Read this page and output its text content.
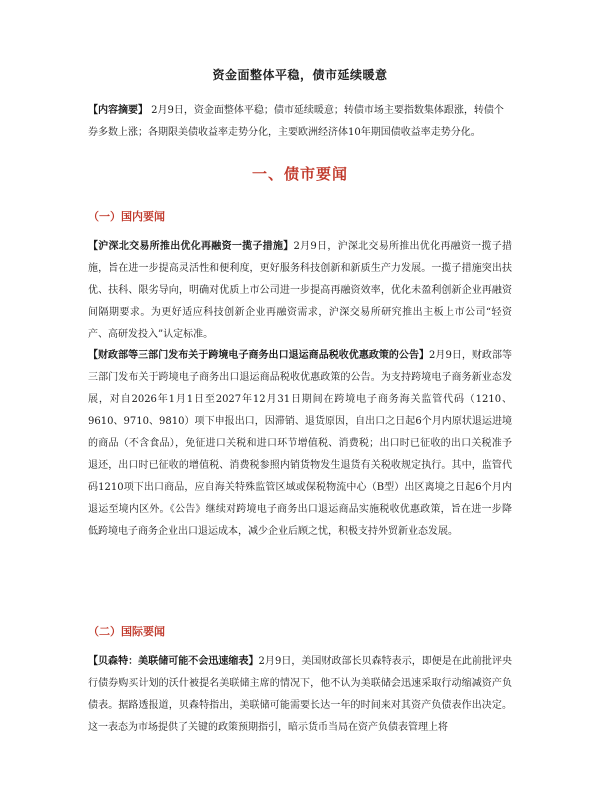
资金面整体平稳，债市延续暖意
【内容摘要】 2月9日，资金面整体平稳；债市延续暖意；转债市场主要指数集体跟涨，转债个券多数上涨；各期限美债收益率走势分化，主要欧洲经济体10年期国债收益率走势分化。
一、债市要闻
（一）国内要闻
【沪深北交易所推出优化再融资一揽子措施】2月9日，沪深北交易所推出优化再融资一揽子措施，旨在进一步提高灵活性和便利度，更好服务科技创新和新质生产力发展。一揽子措施突出扶优、扶科、限劣导向，明确对优质上市公司进一步提高再融资效率，优化未盈利创新企业再融资间隔期要求。为更好适应科技创新企业再融资需求，沪深交易所研究推出主板上市公司“轻资产、高研发投入”认定标准。
【财政部等三部门发布关于跨境电子商务出口退运商品税收优惠政策的公告】2月9日，财政部等三部门发布关于跨境电子商务出口退运商品税收优惠政策的公告。为支持跨境电子商务新业态发展，对自2026年1月1日至2027年12月31日期间在跨境电子商务海关监管代码（1210、9610、9710、9810）项下申报出口，因滞销、退货原因，自出口之日起6个月内原状退运进境的商品（不含食品），免征进口关税和进口环节增值税、消费税；出口时已征收的出口关税准予退还，出口时已征收的增值税、消费税参照内销货物发生退货有关税收规定执行。其中，监管代码1210项下出口商品，应自海关特殊监管区域或保税物流中心（B型）出区离境之日起6个月内退运至境内区外。《公告》继续对跨境电子商务出口退运商品实施税收优惠政策，旨在进一步降低跨境电子商务企业出口退运成本，减少企业后顾之忧，积极支持外贸新业态发展。
（二）国际要闻
【贝森特：美联储可能不会迅速缩表】2月9日，美国财政部长贝森特表示，即便是在此前批评央行债券购买计划的沃什被提名美联储主席的情况下，他不认为美联储会迅速采取行动缩减资产负债表。据路透报道，贝森特指出，美联储可能需要长达一年的时间来对其资产负债表作出决定。这一表态为市场提供了关键的政策预期指引，暗示货币当局在资产负债表管理上将
